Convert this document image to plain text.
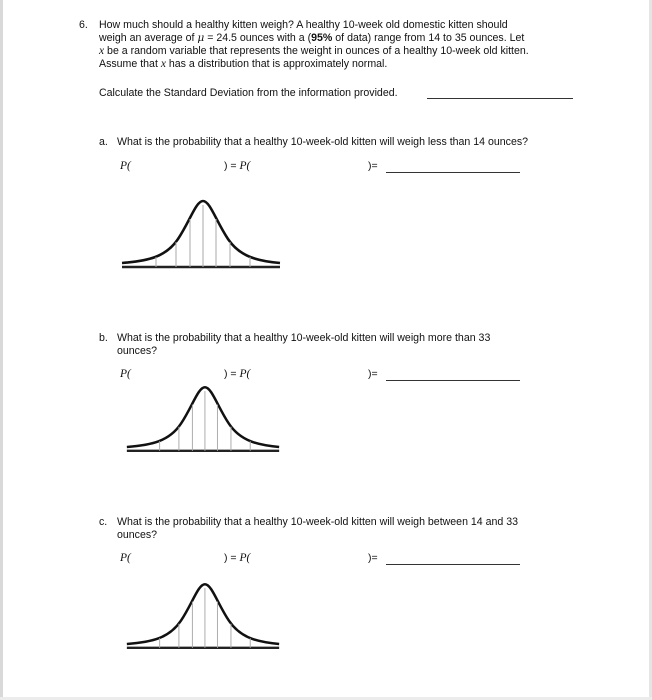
6. How much should a healthy kitten weigh? A healthy 10-week old domestic kitten should
weigh an average of μ = 24.5 ounces with a (95% of data) range from 14 to 35 ounces. Let
x be a random variable that represents the weight in ounces of a healthy 10-week old kitten.
Assume that x has a distribution that is approximately normal.
Calculate the Standard Deviation from the information provided.
a. What is the probability that a healthy 10-week-old kitten will weigh less than 14 ounces?
P(	) = P(	)=
b. What is the probability that a healthy 10-week-old kitten will weigh more than 33
ounces?
P(	) = P(	)=
c. What is the probability that a healthy 10-week-old kitten will weigh between 14 and 33
ounces?
P(	) = P(	)=
